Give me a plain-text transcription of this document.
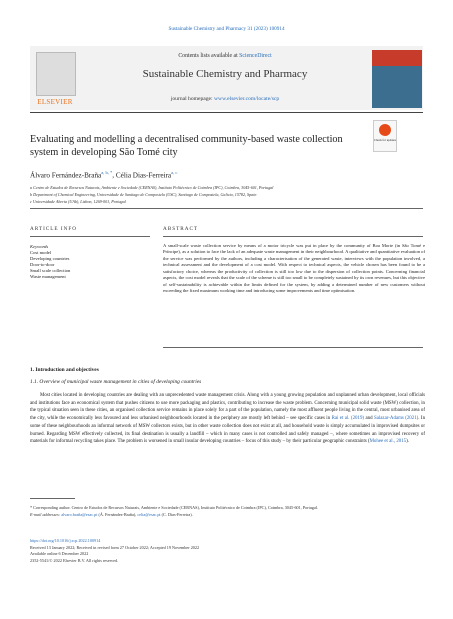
Sustainable Chemistry and Pharmacy 31 (2023) 100914
ELSEVIER
Contents lists available at ScienceDirect
Sustainable Chemistry and Pharmacy
journal homepage: www.elsevier.com/locate/scp
Evaluating and modelling a decentralised community-based waste collection system in developing São Tomé city
Check for updates
Álvaro Fernández-Braña$^{a, b, *}$, Célia Dias-Ferreira$^{a, c}$
a Centro de Estudos de Recursos Naturais, Ambiente e Sociedade (CERNAS), Instituto Politécnico de Coimbra (IPC), Coimbra, 3045-601, Portugal
b Department of Chemical Engineering, Universidade de Santiago de Compostela (USC), Santiago de Compostela, Galicia, 15782, Spain
c Universidade Aberta (UAb), Lisbon, 1269-001, Portugal
ARTICLE INFO	ABSTRACT
Keywords
Cost model
Developing countries
Door-to-door
Small scale collection
Waste management
A small-scale waste collection service by means of a motor tricycle was put in place by the community of Boa Morte (in São Tomé e Príncipe), as a solution to face the lack of an adequate waste management in their neighbourhood. A qualitative and quantitative evaluation of the service was performed by the authors, including a characterisation of the generated waste, interviews with the population involved, a technical assessment and the development of a cost model. With respect to technical aspects, the vehicle chosen has been found to be a satisfactory choice, whereas the productivity of collection is still too low due to the dispersion of collection points. Concerning financial aspects, the cost model reveals that the scale of the scheme is still too small to be completely sustained by its own revenues, but this objective of self-sustainability is achievable within the limits defined for the system, by adding a determined number of new customers without exceeding the fixed maximum working time and introducing some improvements and time optimisation.
1. Introduction and objectives
1.1. Overview of municipal waste management in cities of developing countries
Most cities located in developing countries are dealing with an unprecedented waste management crisis. Along with a young growing population and unplanned urban development, local officials and institutions face an economical system that pushes citizens to use more packaging and plastics, contributing to increase the waste problem. Concerning municipal solid waste (MSW) collection, in the typical situation seen in these cities, an organised collection service remains in place solely for a part of the population, namely the most affluent people living in the central, most urbanised area of the city, while the economically less favoured and less urbanised neighbourhoods located in the periphery are mostly left behind – see specific cases in Rai et al. (2019) and Salazar-Adams (2021). In some of these neighbourhoods an informal network of MSW collectors exists, but in other waste collection does not exist at all, and household waste is simply accumulated in improvised dumpsites or burned. Regarding MSW effectively collected, its final destination is usually a landfill – which in many cases is not controlled and safely managed –, where sometimes an improvised recovery of materials for informal recycling takes place. The problem is worsened in small insular developing countries – focus of this study – by their particular geographic constraints (Mohee et al., 2015).
* Corresponding author. Centro de Estudos de Recursos Naturais, Ambiente e Sociedade (CERNAS), Instituto Politécnico de Coimbra (IPC), Coimbra, 3045-601, Portugal.
E-mail addresses: alvaro.braña@esac.pt (Á. Fernández-Braña), celia@esac.pt (C. Dias-Ferreira).
https://doi.org/10.1016/j.scp.2022.100914
Received 13 January 2022; Received in revised form 27 October 2022; Accepted 19 November 2022
Available online 6 December 2022
2352-5541/© 2022 Elsevier B.V. All rights reserved.
